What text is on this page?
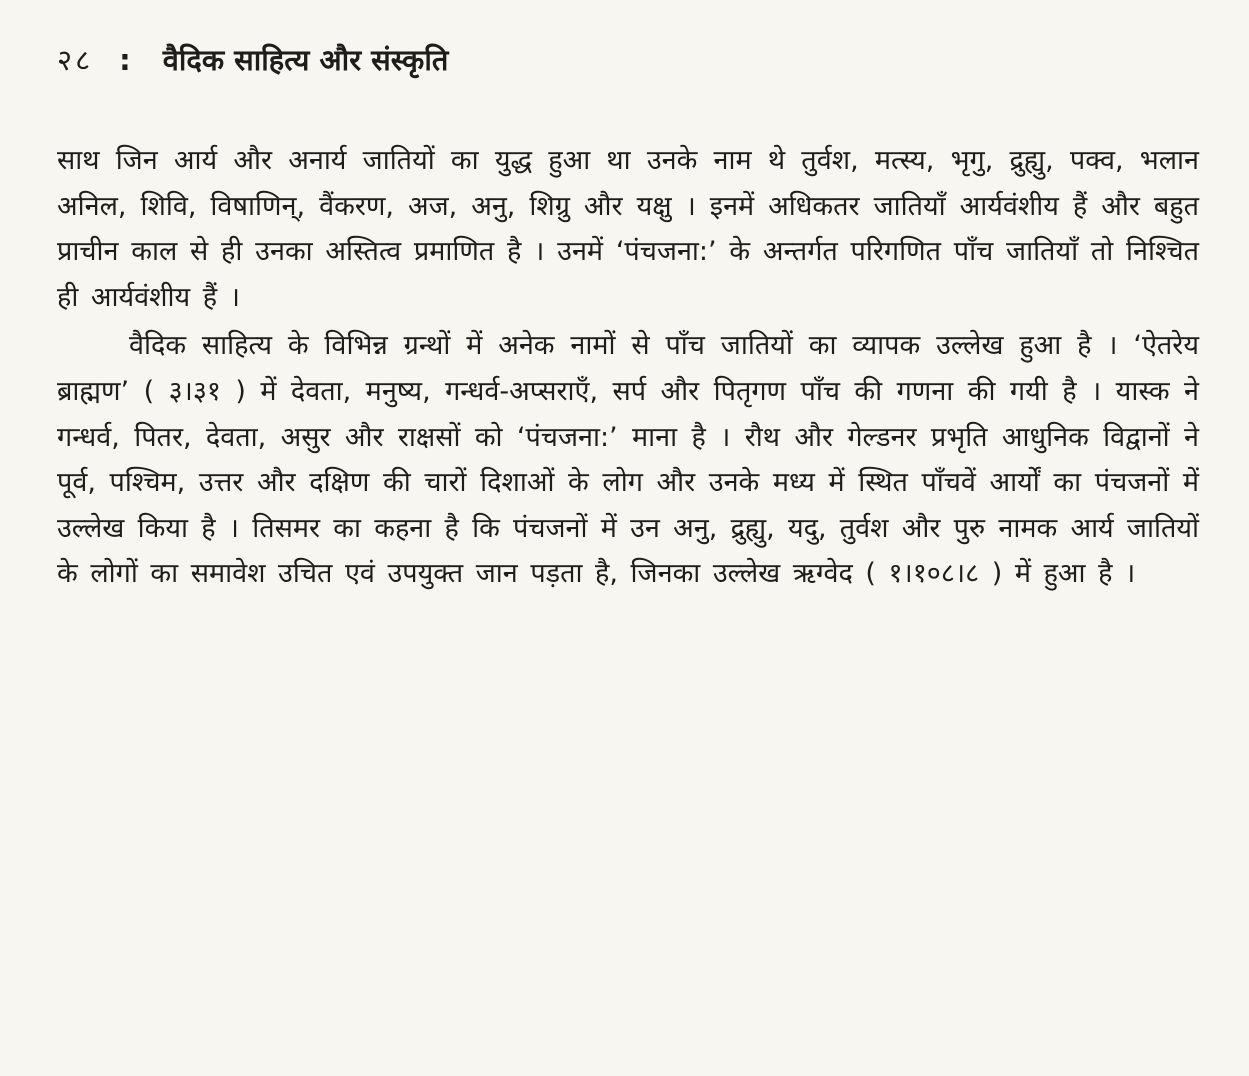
२८ : वैदिक साहित्य और संस्कृति

साथ जिन आर्य और अनार्य जातियों का युद्ध हुआ था उनके नाम थे तुर्वश, मत्स्य, भृगु, द्रुह्यु, पक्व, भलान अनिल, शिवि, विषाणिन्, वैंकरण, अज, अनु, शिग्रु और यक्षु । इनमें अधिकतर जातियाँ आर्यवंशीय हैं और बहुत प्राचीन काल से ही उनका अस्तित्व प्रमाणित है । उनमें ‘पंचजना:’ के अन्तर्गत परिगणित पाँच जातियाँ तो निश्चित ही आर्यवंशीय हैं ।

वैदिक साहित्य के विभिन्न ग्रन्थों में अनेक नामों से पाँच जातियों का व्यापक उल्लेख हुआ है । ‘ऐतरेय ब्राह्मण’ ( ३।३१ ) में देवता, मनुष्य, गन्धर्व-अप्सराएँ, सर्प और पितृगण पाँच की गणना की गयी है । यास्क ने गन्धर्व, पितर, देवता, असुर और राक्षसों को ‘पंचजना:’ माना है । रौथ और गेल्डनर प्रभृति आधुनिक विद्वानों ने पूर्व, पश्चिम, उत्तर और दक्षिण की चारों दिशाओं के लोग और उनके मध्य में स्थित पाँचवें आर्यों का पंचजनों में उल्लेख किया है । तिसमर का कहना है कि पंचजनों में उन अनु, द्रुह्यु, यदु, तुर्वश और पुरु नामक आर्य जातियों के लोगों का समावेश उचित एवं उपयुक्त जान पड़ता है, जिनका उल्लेख ऋग्वेद ( १।१०८।८ ) में हुआ है ।
